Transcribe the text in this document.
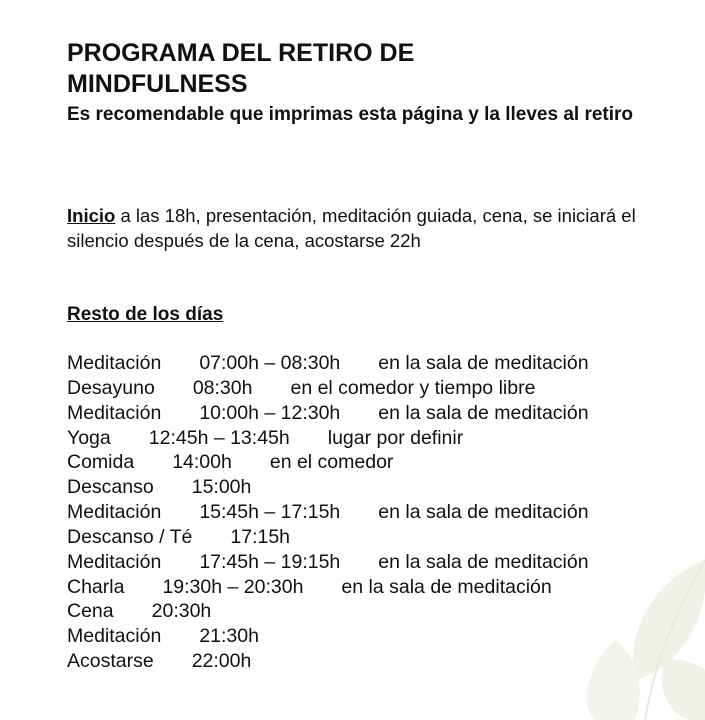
PROGRAMA DEL RETIRO DE
MINDFULNESS

Es recomendable que imprimas esta página y la lleves al retiro

Inicio a las 18h, presentación, meditación guiada, cena, se iniciará el silencio después de la cena, acostarse 22h

Resto de los días
Meditación 07:00h – 08:30h en la sala de meditación
Desayuno 08:30h en el comedor y tiempo libre
Meditación 10:00h – 12:30h en la sala de meditación
Yoga 12:45h – 13:45h lugar por definir
Comida 14:00h en el comedor
Descanso 15:00h
Meditación 15:45h – 17:15h en la sala de meditación
Descanso / Té 17:15h
Meditación 17:45h – 19:15h en la sala de meditación
Charla 19:30h – 20:30h en la sala de meditación
Cena 20:30h
Meditación 21:30h
Acostarse 22:00h
